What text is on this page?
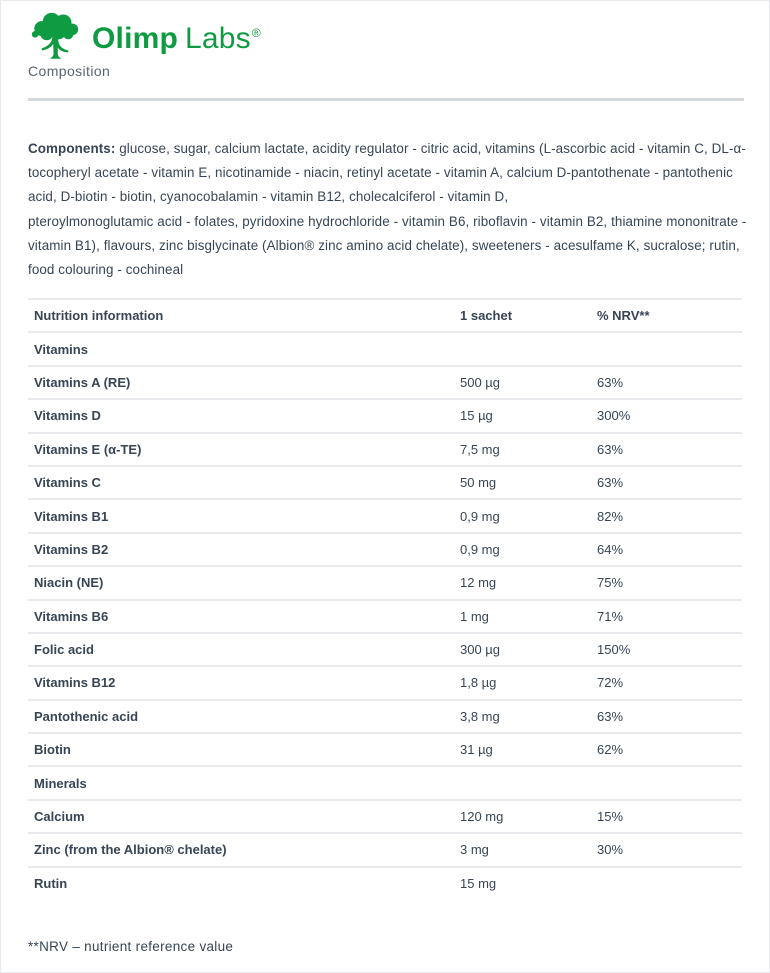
Olimp Labs®
Composition
Components: glucose, sugar, calcium lactate, acidity regulator - citric acid, vitamins (L-ascorbic acid - vitamin C, DL-α-tocopheryl acetate - vitamin E, nicotinamide - niacin, retinyl acetate - vitamin A, calcium D-pantothenate - pantothenic acid, D-biotin - biotin, cyanocobalamin - vitamin B12, cholecalciferol - vitamin D,
pteroylmonoglutamic acid - folates, pyridoxine hydrochloride - vitamin B6, riboflavin - vitamin B2, thiamine mononitrate - vitamin B1), flavours, zinc bisglycinate (Albion® zinc amino acid chelate), sweeteners - acesulfame K, sucralose; rutin, food colouring - cochineal
Nutrition information	1 sachet	% NRV**
Vitamins
Vitamins A (RE)	500 µg	63%
Vitamins D	15 µg	300%
Vitamins E (α-TE)	7,5 mg	63%
Vitamins C	50 mg	63%
Vitamins B1	0,9 mg	82%
Vitamins B2	0,9 mg	64%
Niacin (NE)	12 mg	75%
Vitamins B6	1 mg	71%
Folic acid	300 µg	150%
Vitamins B12	1,8 µg	72%
Pantothenic acid	3,8 mg	63%
Biotin	31 µg	62%
Minerals
Calcium	120 mg	15%
Zinc (from the Albion® chelate)	3 mg	30%
Rutin	15 mg
**NRV – nutrient reference value
